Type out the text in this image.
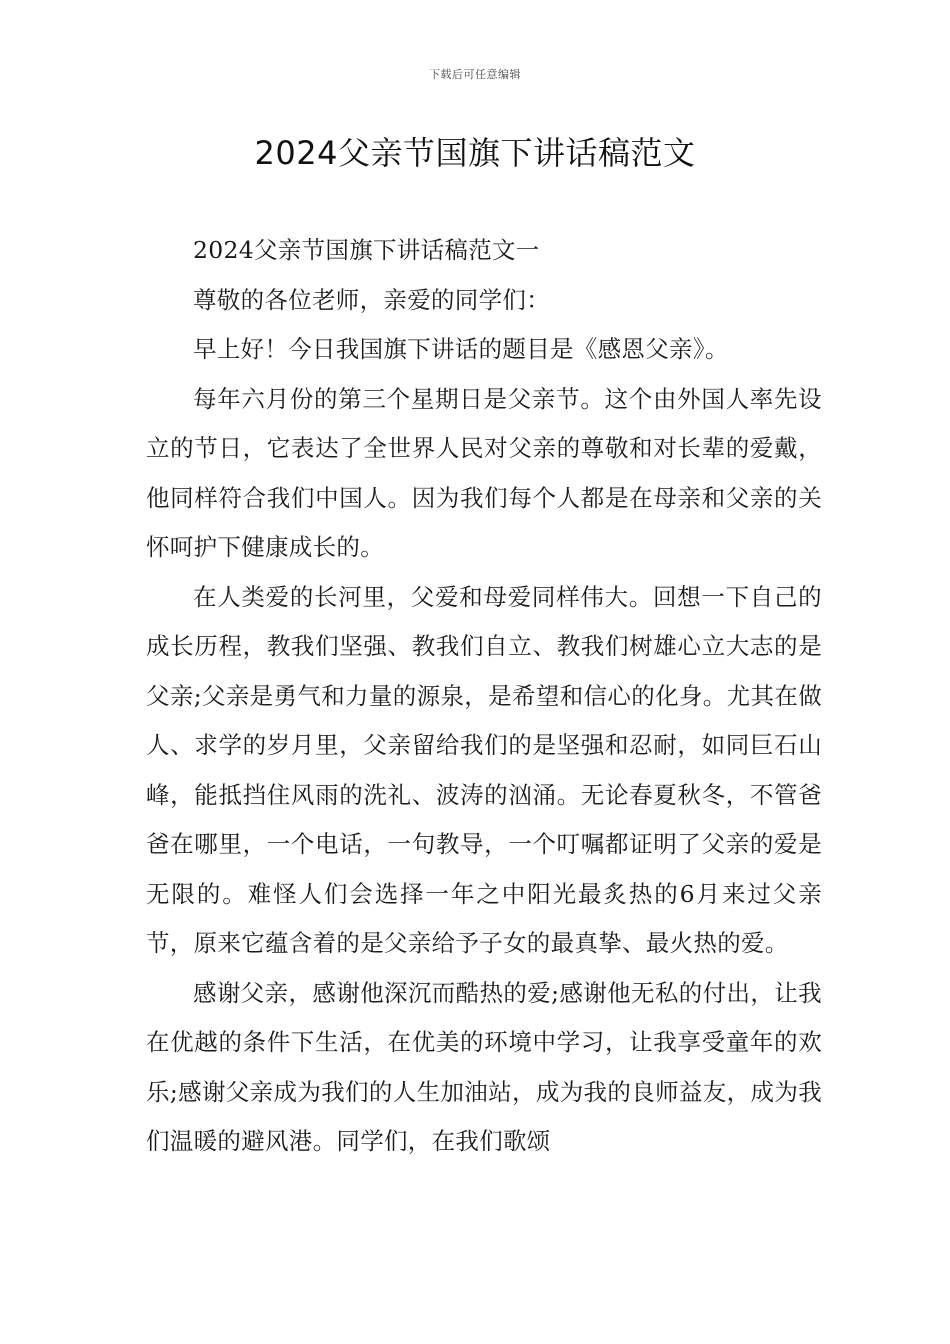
下载后可任意编辑
2024父亲节国旗下讲话稿范文

2024父亲节国旗下讲话稿范文一

尊敬的各位老师，亲爱的同学们：

早上好！今日我国旗下讲话的题目是《感恩父亲》。

每年六月份的第三个星期日是父亲节。这个由外国人率先设立的节日，它表达了全世界人民对父亲的尊敬和对长辈的爱戴，他同样符合我们中国人。因为我们每个人都是在母亲和父亲的关怀呵护下健康成长的。

在人类爱的长河里，父爱和母爱同样伟大。回想一下自己的成长历程，教我们坚强、教我们自立、教我们树雄心立大志的是父亲;父亲是勇气和力量的源泉，是希望和信心的化身。尤其在做人、求学的岁月里，父亲留给我们的是坚强和忍耐，如同巨石山峰，能抵挡住风雨的洗礼、波涛的汹涌。无论春夏秋冬，不管爸爸在哪里，一个电话，一句教导，一个叮嘱都证明了父亲的爱是无限的。难怪人们会选择一年之中阳光最炙热的6月来过父亲节，原来它蕴含着的是父亲给予子女的最真挚、最火热的爱。

感谢父亲，感谢他深沉而酷热的爱;感谢他无私的付出，让我在优越的条件下生活，在优美的环境中学习，让我享受童年的欢乐;感谢父亲成为我们的人生加油站，成为我的良师益友，成为我们温暖的避风港。同学们，在我们歌颂
